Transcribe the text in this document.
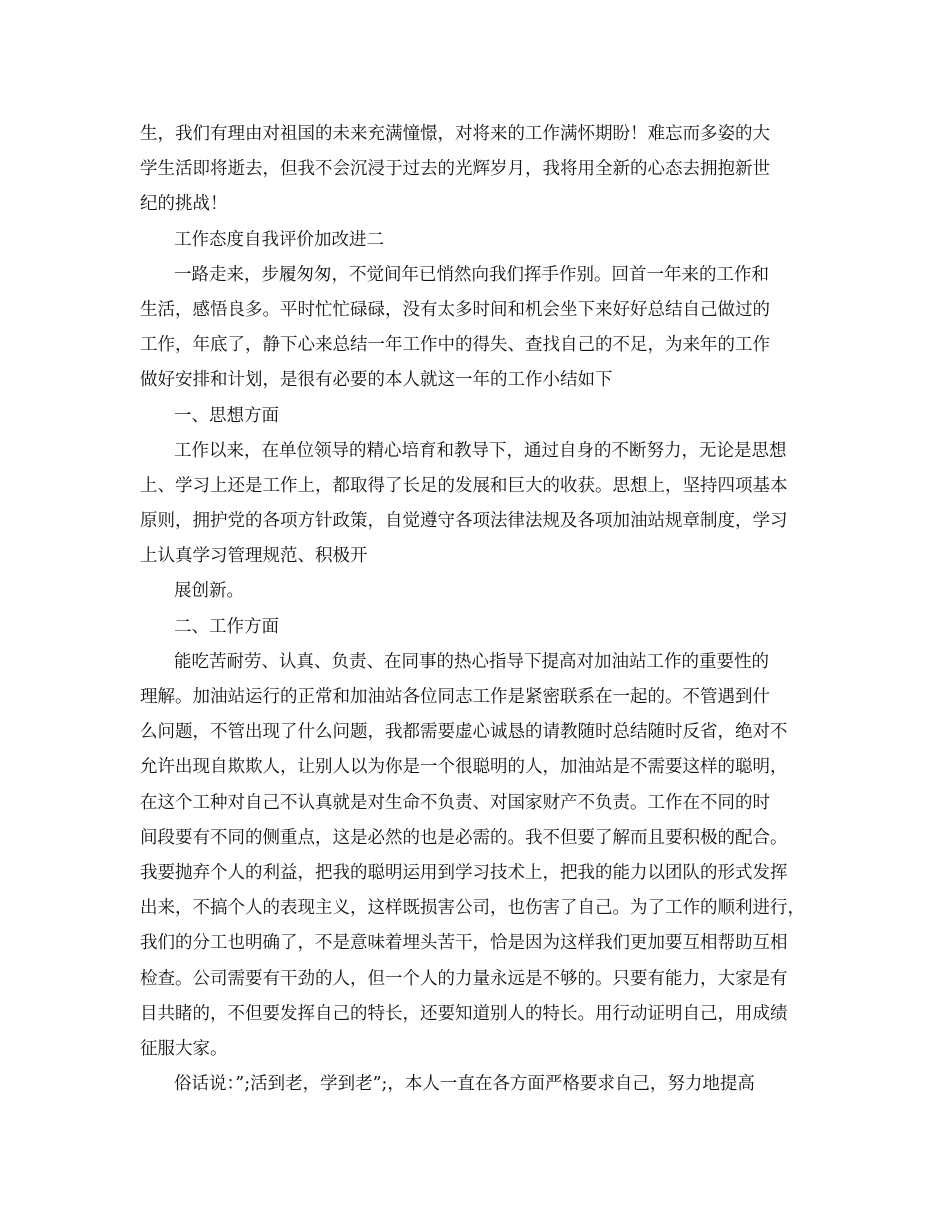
生，我们有理由对祖国的未来充满憧憬，对将来的工作满怀期盼！难忘而多姿的大
学生活即将逝去，但我不会沉浸于过去的光辉岁月，我将用全新的心态去拥抱新世
纪的挑战！
工作态度自我评价加改进二
一路走来，步履匆匆，不觉间年已悄然向我们挥手作别。回首一年来的工作和
生活，感悟良多。平时忙忙碌碌，没有太多时间和机会坐下来好好总结自己做过的
工作，年底了，静下心来总结一年工作中的得失、查找自己的不足，为来年的工作
做好安排和计划，是很有必要的本人就这一年的工作小结如下
一、思想方面
工作以来，在单位领导的精心培育和教导下，通过自身的不断努力，无论是思想
上、学习上还是工作上，都取得了长足的发展和巨大的收获。思想上，坚持四项基本
原则，拥护党的各项方针政策，自觉遵守各项法律法规及各项加油站规章制度，学习
上认真学习管理规范、积极开
展创新。
二、工作方面
能吃苦耐劳、认真、负责、在同事的热心指导下提高对加油站工作的重要性的
理解。加油站运行的正常和加油站各位同志工作是紧密联系在一起的。不管遇到什
么问题，不管出现了什么问题，我都需要虚心诚恳的请教随时总结随时反省，绝对不
允许出现自欺欺人，让别人以为你是一个很聪明的人，加油站是不需要这样的聪明，
在这个工种对自己不认真就是对生命不负责、对国家财产不负责。工作在不同的时
间段要有不同的侧重点，这是必然的也是必需的。我不但要了解而且要积极的配合。
我要抛弃个人的利益，把我的聪明运用到学习技术上，把我的能力以团队的形式发挥
出来，不搞个人的表现主义，这样既损害公司，也伤害了自己。为了工作的顺利进行，
我们的分工也明确了，不是意味着埋头苦干，恰是因为这样我们更加要互相帮助互相
检查。公司需要有干劲的人，但一个人的力量永远是不够的。只要有能力，大家是有
目共睹的，不但要发挥自己的特长，还要知道别人的特长。用行动证明自己，用成绩
征服大家。
俗话说：”;活到老，学到老”;，本人一直在各方面严格要求自己，努力地提高
